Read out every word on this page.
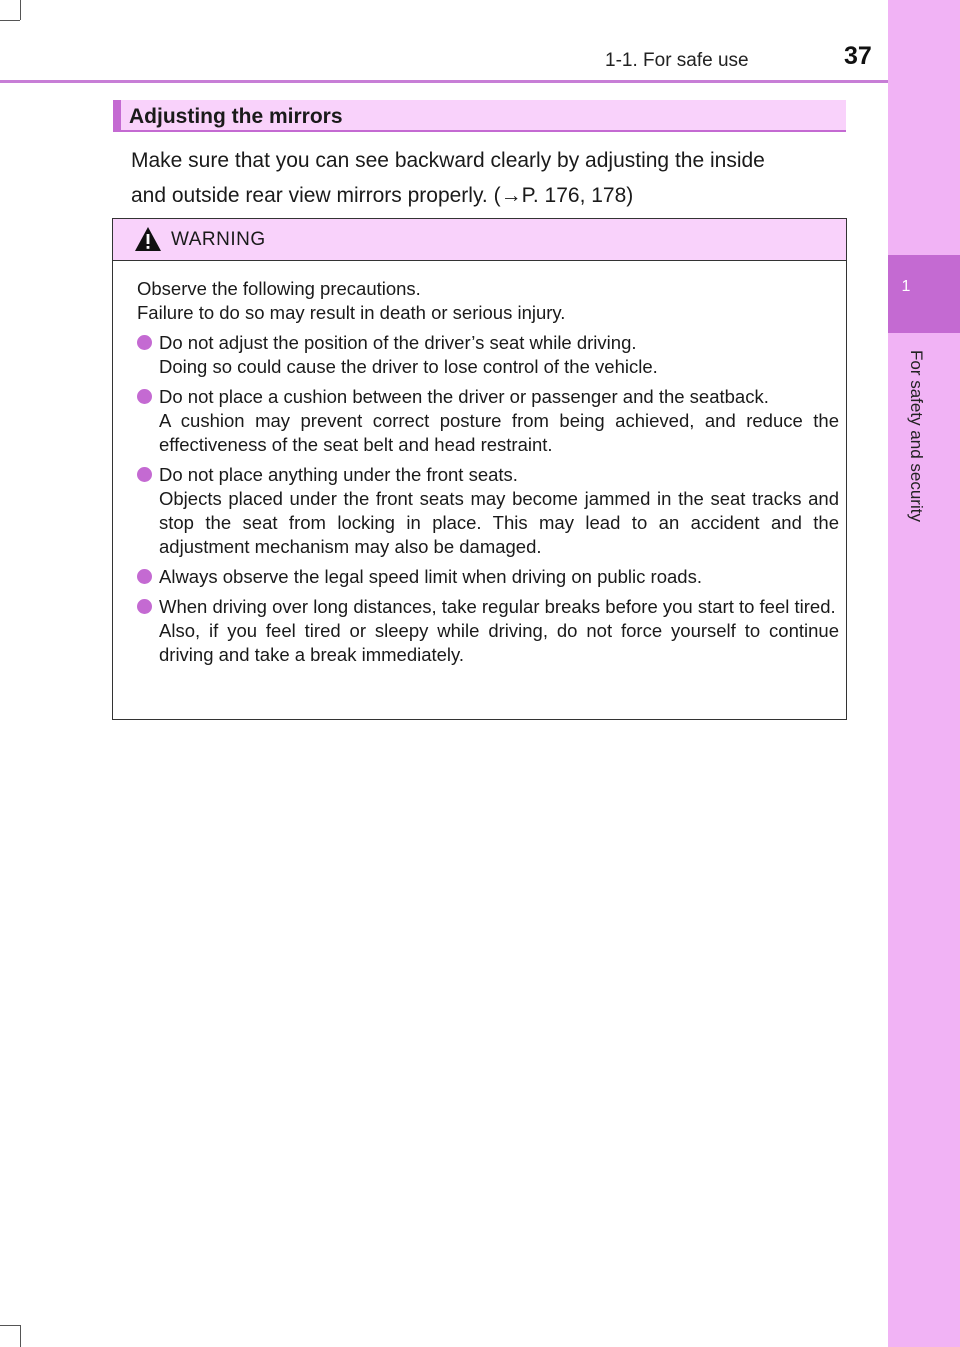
1-1. For safe use	37
1
For safety and security
Adjusting the mirrors
Make sure that you can see backward clearly by adjusting the inside
and outside rear view mirrors properly. (→P. 176, 178)
WARNING

Observe the following precautions.

Failure to do so may result in death or serious injury.

Do not adjust the position of the driver’s seat while driving.
Doing so could cause the driver to lose control of the vehicle.
Do not place a cushion between the driver or passenger and the seatback.
A cushion may prevent correct posture from being achieved, and reduce the effectiveness of the seat belt and head restraint.
Do not place anything under the front seats.
Objects placed under the front seats may become jammed in the seat tracks and stop the seat from locking in place. This may lead to an accident and the adjustment mechanism may also be damaged.
Always observe the legal speed limit when driving on public roads.
When driving over long distances, take regular breaks before you start to feel tired.
Also, if you feel tired or sleepy while driving, do not force yourself to continue driving and take a break immediately.
